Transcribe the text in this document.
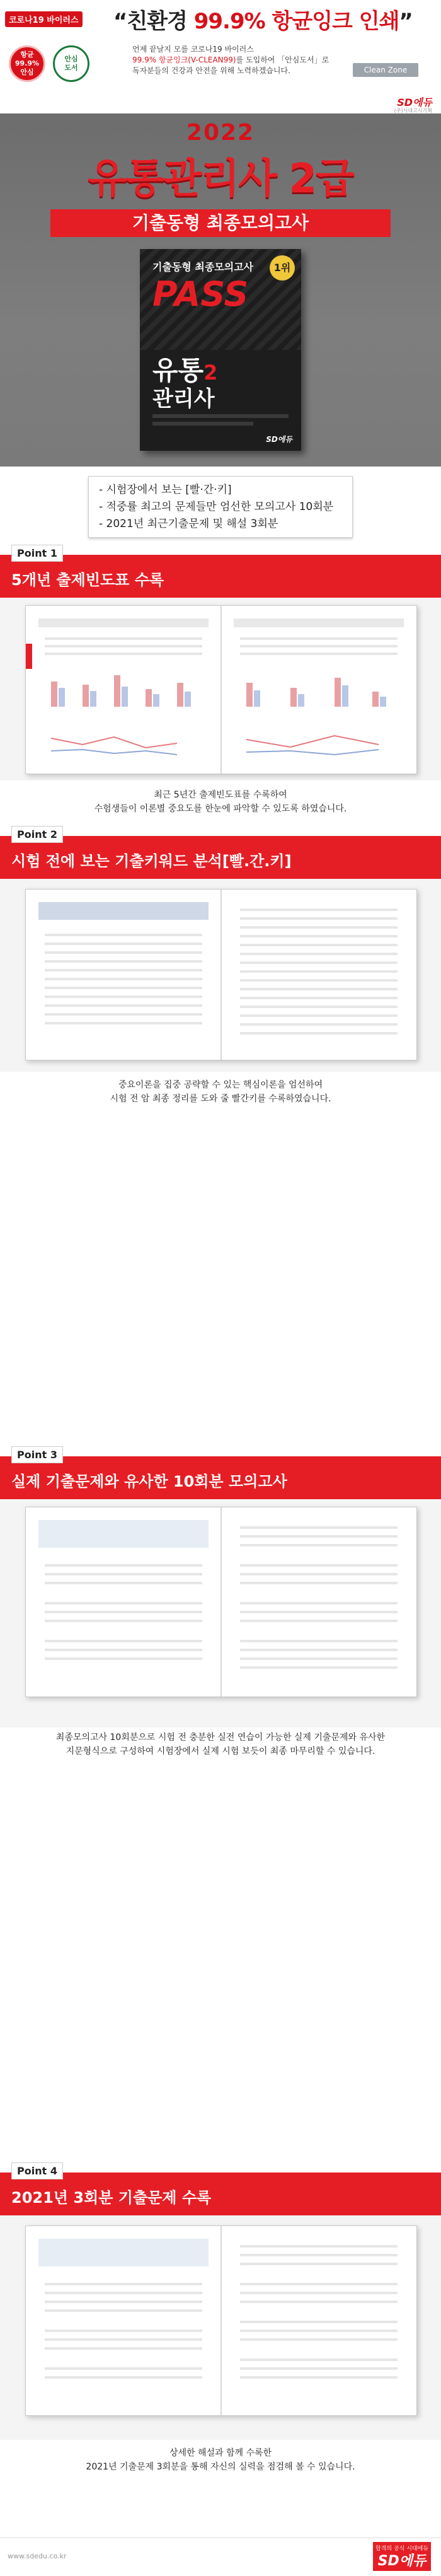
코로나19 바이러스 “친환경 99.9% 항균잉크 인쇄”
항균
99.9%
안심
안심
도서
언제 끝날지 모를 코로나19 바이러스
99.9% 항균잉크(V-CLEAN99)를 도입하여 「안심도서」로
독자분들의 건강과 안전을 위해 노력하겠습니다.	Clean Zone
SD에듀
(주)시대고시기획
2022
유통관리사 2급
기출동형 최종모의고사
기출동형 최종모의고사
PASS
1위
유통2
관리사
SD에듀
- 시험장에서 보는 [빨·간·키]
- 적중률 최고의 문제들만 엄선한 모의고사 10회분
- 2021년 최근기출문제 및 해설 3회분
Point 1
5개년 출제빈도표 수록
최근 5년간 출제빈도표를 수록하여
수험생들이 이론별 중요도를 한눈에 파악할 수 있도록 하였습니다.
Point 2
시험 전에 보는 기출키워드 분석[빨.간.키]
중요이론을 집중 공략할 수 있는 핵심이론을 엄선하여
시험 전 암 최종 정리를 도와 줄 빨간키를 수록하였습니다.
Point 3
실제 기출문제와 유사한 10회분 모의고사
최종모의고사 10회분으로 시험 전 충분한 실전 연습이 가능한 실제 기출문제와 유사한
지문형식으로 구성하여 시험장에서 실제 시험 보듯이 최종 마무리할 수 있습니다.
Point 4
2021년 3회분 기출문제 수록
상세한 해설과 함께 수록한
2021년 기출문제 3회분을 통해 자신의 실력을 점검해 볼 수 있습니다.
www.sdedu.co.kr
합격의 공식 시대에듀
SD에듀
